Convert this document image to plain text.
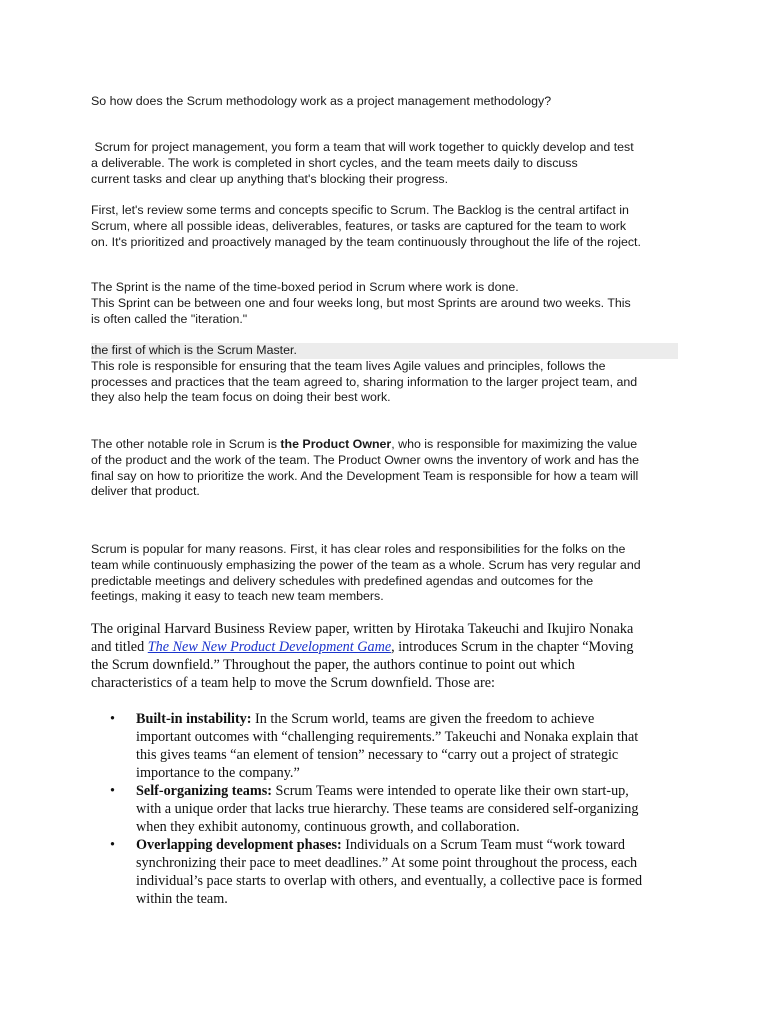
So how does the Scrum methodology work as a project management methodology?

Scrum for project management, you form a team that will work together to quickly develop and test

a deliverable. The work is completed in short cycles, and the team meets daily to discuss

current tasks and clear up anything that's blocking their progress.

First, let's review some terms and concepts specific to Scrum. The Backlog is the central artifact in

Scrum, where all possible ideas, deliverables, features, or tasks are captured for the team to work

on. It's prioritized and proactively managed by the team continuously throughout the life of the roject.

The Sprint is the name of the time-boxed period in Scrum where work is done.

This Sprint can be between one and four weeks long, but most Sprints are around two weeks. This

is often called the "iteration."

the first of which is the Scrum Master.

This role is responsible for ensuring that the team lives Agile values and principles, follows the

processes and practices that the team agreed to, sharing information to the larger project team, and

they also help the team focus on doing their best work.

The other notable role in Scrum is the Product Owner, who is responsible for maximizing the value

of the product and the work of the team. The Product Owner owns the inventory of work and has the

final say on how to prioritize the work. And the Development Team is responsible for how a team will

deliver that product.

Scrum is popular for many reasons. First, it has clear roles and responsibilities for the folks on the

team while continuously emphasizing the power of the team as a whole. Scrum has very regular and

predictable meetings and delivery schedules with predefined agendas and outcomes for the

feetings, making it easy to teach new team members.

The original Harvard Business Review paper, written by Hirotaka Takeuchi and Ikujiro Nonaka

and titled The New New Product Development Game, introduces Scrum in the chapter “Moving

the Scrum downfield.” Throughout the paper, the authors continue to point out which

characteristics of a team help to move the Scrum downfield. Those are:

• Built-in instability: In the Scrum world, teams are given the freedom to achieve
important outcomes with “challenging requirements.” Takeuchi and Nonaka explain that
this gives teams “an element of tension” necessary to “carry out a project of strategic
importance to the company.”
• Self-organizing teams: Scrum Teams were intended to operate like their own start-up,
with a unique order that lacks true hierarchy. These teams are considered self-organizing
when they exhibit autonomy, continuous growth, and collaboration.
• Overlapping development phases: Individuals on a Scrum Team must “work toward
synchronizing their pace to meet deadlines.” At some point throughout the process, each
individual’s pace starts to overlap with others, and eventually, a collective pace is formed
within the team.
